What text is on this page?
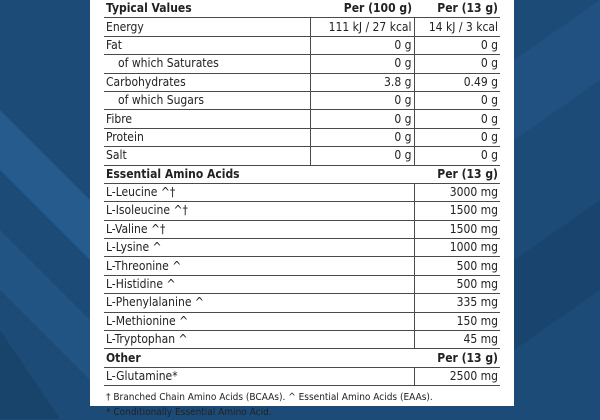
Typical Values	Per (100 g)	Per (13 g)
Energy	111 kJ / 27 kcal	14 kJ / 3 kcal
Fat	0 g	0 g
of which Saturates	0 g	0 g
Carbohydrates	3.8 g	0.49 g
of which Sugars	0 g	0 g
Fibre	0 g	0 g
Protein	0 g	0 g
Salt	0 g	0 g
Essential Amino Acids		Per (13 g)
L-Leucine ^†		3000 mg
L-Isoleucine ^†		1500 mg
L-Valine ^†		1500 mg
L-Lysine ^		1000 mg
L-Threonine ^		500 mg
L-Histidine ^		500 mg
L-Phenylalanine ^		335 mg
L-Methionine ^		150 mg
L-Tryptophan ^		45 mg
Other		Per (13 g)
L-Glutamine*		2500 mg
† Branched Chain Amino Acids (BCAAs). ^ Essential Amino Acids (EAAs).
* Conditionally Essential Amino Acid.
